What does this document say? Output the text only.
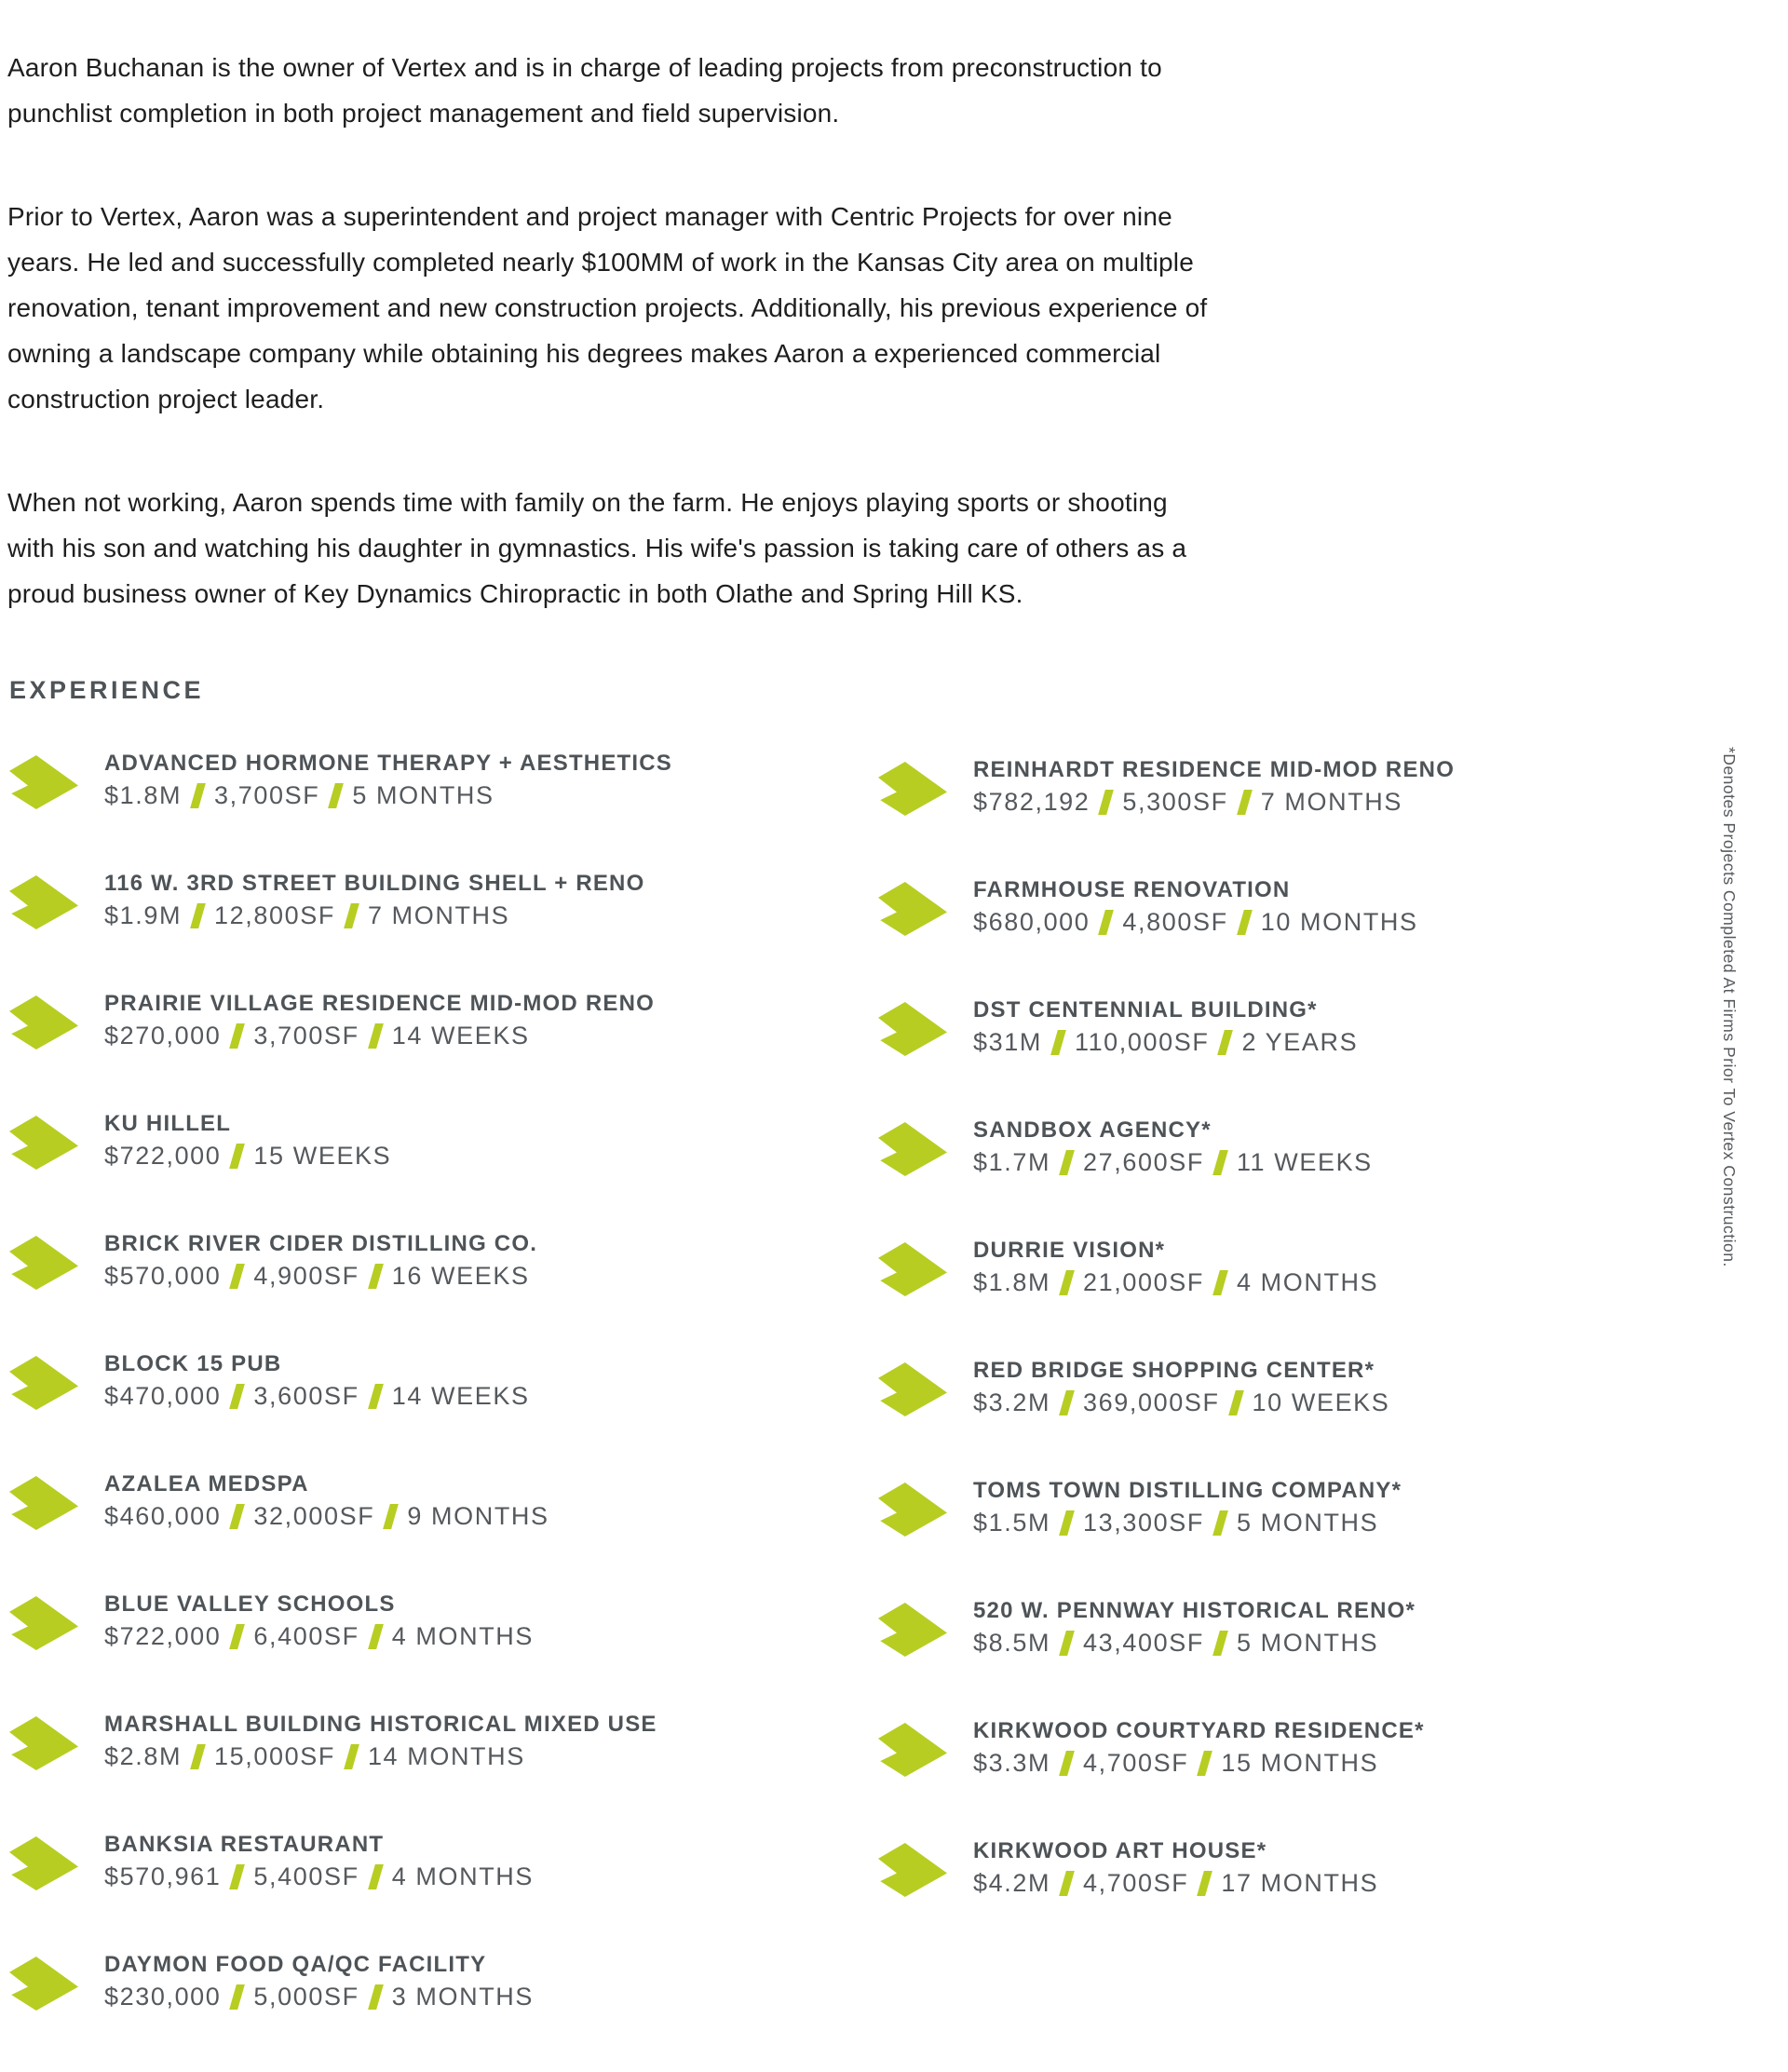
Aaron Buchanan is the owner of Vertex and is in charge of leading projects from preconstruction to punchlist completion in both project management and field supervision.

Prior to Vertex, Aaron was a superintendent and project manager with Centric Projects for over nine years. He led and successfully completed nearly $100MM of work in the Kansas City area on multiple renovation, tenant improvement and new construction projects. Additionally, his previous experience of owning a landscape company while obtaining his degrees makes Aaron a experienced commercial construction project leader.

When not working, Aaron spends time with family on the farm. He enjoys playing sports or shooting with his son and watching his daughter in gymnastics. His wife's passion is taking care of others as a proud business owner of Key Dynamics Chiropractic in both Olathe and Spring Hill KS.

EXPERIENCE
ADVANCED HORMONE THERAPY + AESTHETICS
$1.8M 3,700SF 5 MONTHS
116 W. 3RD STREET BUILDING SHELL + RENO
$1.9M 12,800SF 7 MONTHS
PRAIRIE VILLAGE RESIDENCE MID-MOD RENO
$270,000 3,700SF 14 WEEKS
KU HILLEL
$722,000 15 WEEKS
BRICK RIVER CIDER DISTILLING CO.
$570,000 4,900SF 16 WEEKS
BLOCK 15 PUB
$470,000 3,600SF 14 WEEKS
AZALEA MEDSPA
$460,000 32,000SF 9 MONTHS
BLUE VALLEY SCHOOLS
$722,000 6,400SF 4 MONTHS
MARSHALL BUILDING HISTORICAL MIXED USE
$2.8M 15,000SF 14 MONTHS
BANKSIA RESTAURANT
$570,961 5,400SF 4 MONTHS
DAYMON FOOD QA/QC FACILITY
$230,000 5,000SF 3 MONTHS
REINHARDT RESIDENCE MID-MOD RENO
$782,192 5,300SF 7 MONTHS
FARMHOUSE RENOVATION
$680,000 4,800SF 10 MONTHS
DST CENTENNIAL BUILDING*
$31M 110,000SF 2 YEARS
SANDBOX AGENCY*
$1.7M 27,600SF 11 WEEKS
DURRIE VISION*
$1.8M 21,000SF 4 MONTHS
RED BRIDGE SHOPPING CENTER*
$3.2M 369,000SF 10 WEEKS
TOMS TOWN DISTILLING COMPANY*
$1.5M 13,300SF 5 MONTHS
520 W. PENNWAY HISTORICAL RENO*
$8.5M 43,400SF 5 MONTHS
KIRKWOOD COURTYARD RESIDENCE*
$3.3M 4,700SF 15 MONTHS
KIRKWOOD ART HOUSE*
$4.2M 4,700SF 17 MONTHS
*Denotes Projects Completed At Firms Prior To Vertex Construction.
